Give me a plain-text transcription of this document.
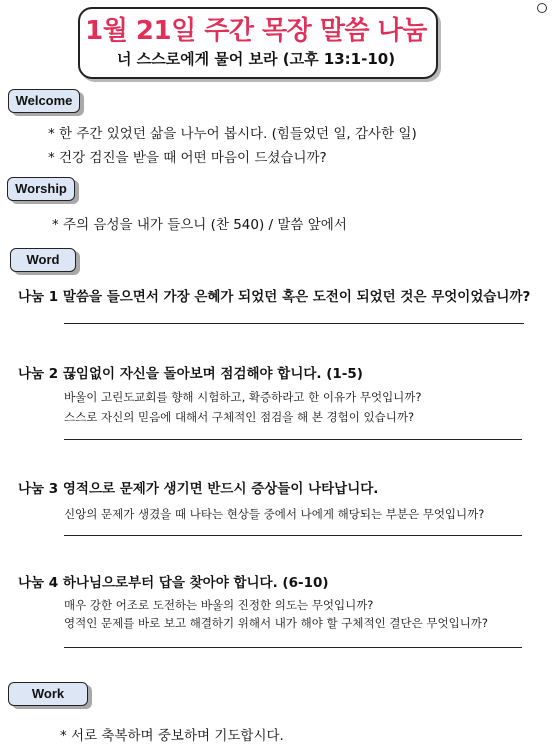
1월 21일 주간 목장 말씀 나눔
너 스스로에게 물어 보라 (고후 13:1-10)
Welcome
* 한 주간 있었던 삶을 나누어 봅시다. (힘들었던 일, 감사한 일)
* 건강 검진을 받을 때 어떤 마음이 드셨습니까?
Worship
* 주의 음성을 내가 들으니 (찬 540) / 말씀 앞에서
Word
나눔 1 말씀을 들으면서 가장 은혜가 되었던 혹은 도전이 되었던 것은 무엇이었습니까?
나눔 2 끊임없이 자신을 돌아보며 점검해야 합니다. (1-5)
바울이 고린도교회를 향해 시험하고, 확증하라고 한 이유가 무엇입니까?
스스로 자신의 믿음에 대해서 구체적인 점검을 해 본 경험이 있습니까?
나눔 3 영적으로 문제가 생기면 반드시 증상들이 나타납니다.
신앙의 문제가 생겼을 때 나타는 현상들 중에서 나에게 해당되는 부분은 무엇입니까?
나눔 4 하나님으로부터 답을 찾아야 합니다. (6-10)
매우 강한 어조로 도전하는 바울의 진정한 의도는 무엇입니까?
영적인 문제를 바로 보고 해결하기 위해서 내가 해야 할 구체적인 결단은 무엇입니까?
Work
* 서로 축복하며 중보하며 기도합시다.
